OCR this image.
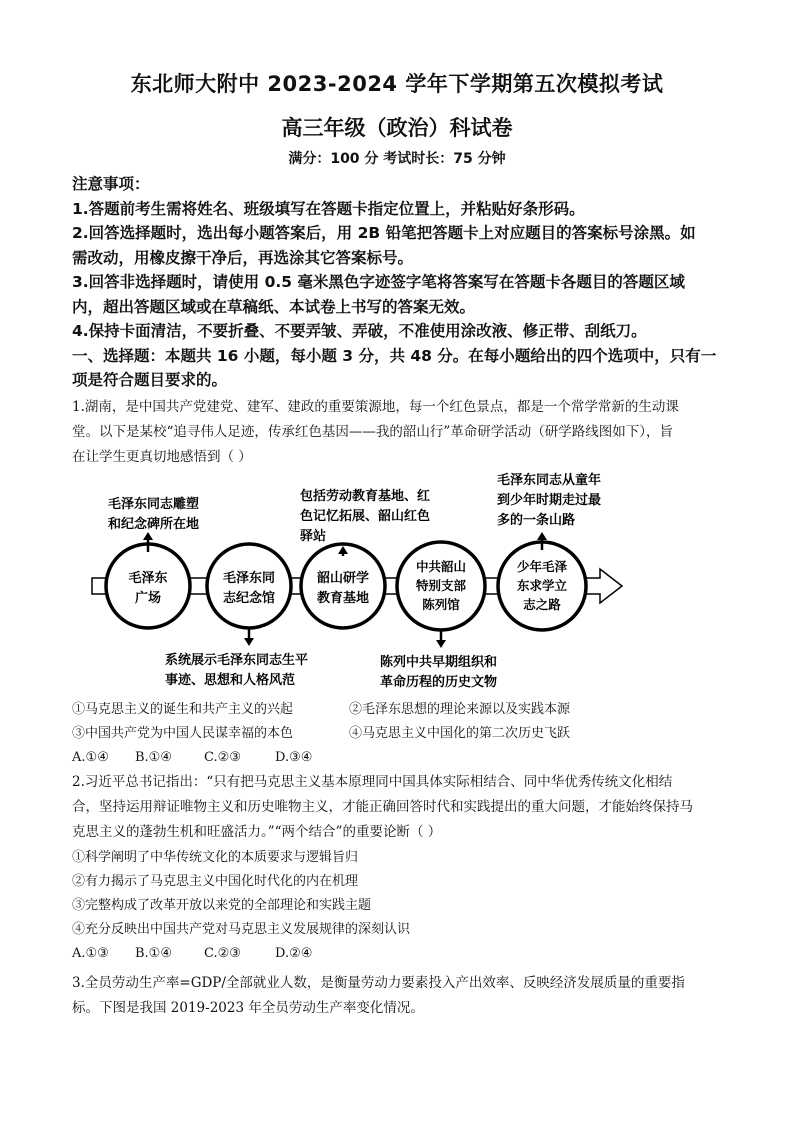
东北师大附中 2023-2024 学年下学期第五次模拟考试
高三年级（政治）科试卷
满分：100 分 考试时长：75 分钟
注意事项：
1.答题前考生需将姓名、班级填写在答题卡指定位置上，并粘贴好条形码。
2.回答选择题时，选出每小题答案后，用 2B 铅笔把答题卡上对应题目的答案标号涂黑。如
需改动，用橡皮擦干净后，再选涂其它答案标号。
3.回答非选择题时，请使用 0.5 毫米黑色字迹签字笔将答案写在答题卡各题目的答题区域
内，超出答题区域或在草稿纸、本试卷上书写的答案无效。
4.保持卡面清洁，不要折叠、不要弄皱、弄破，不准使用涂改液、修正带、刮纸刀。
一、选择题：本题共 16 小题，每小题 3 分，共 48 分。在每小题给出的四个选项中，只有一
项是符合题目要求的。
1.湖南，是中国共产党建党、建军、建政的重要策源地，每一个红色景点，都是一个常学常新的生动课
堂。以下是某校“追寻伟人足迹，传承红色基因——我的韶山行”革命研学活动（研学路线图如下），旨
在让学生更真切地感悟到（ ）
毛泽东
广场
毛泽东同
志纪念馆
韶山研学
教育基地
中共韶山
特别支部
陈列馆
少年毛泽
东求学立
志之路
毛泽东同志雕塑
和纪念碑所在地
包括劳动教育基地、红
色记忆拓展、韶山红色
驿站
毛泽东同志从童年
到少年时期走过最
多的一条山路
系统展示毛泽东同志生平
事迹、思想和人格风范
陈列中共早期组织和
革命历程的历史文物
①马克思主义的诞生和共产主义的兴起	②毛泽东思想的理论来源以及实践本源
③中国共产党为中国人民谋幸福的本色	④马克思主义中国化的第二次历史飞跃
A.①④ B.①④ C.②③	D.③④
2.习近平总书记指出：“只有把马克思主义基本原理同中国具体实际相结合、同中华优秀传统文化相结
合，坚持运用辩证唯物主义和历史唯物主义，才能正确回答时代和实践提出的重大问题，才能始终保持马
克思主义的蓬勃生机和旺盛活力。”“两个结合”的重要论断（ ）
①科学阐明了中华传统文化的本质要求与逻辑旨归
②有力揭示了马克思主义中国化时代化的内在机理
③完整构成了改革开放以来党的全部理论和实践主题
④充分反映出中国共产党对马克思主义发展规律的深刻认识
A.①③ B.①④ C.②③	D.②④
3.全员劳动生产率=GDP/全部就业人数，是衡量劳动力要素投入产出效率、反映经济发展质量的重要指
标。下图是我国 2019-2023 年全员劳动生产率变化情况。
